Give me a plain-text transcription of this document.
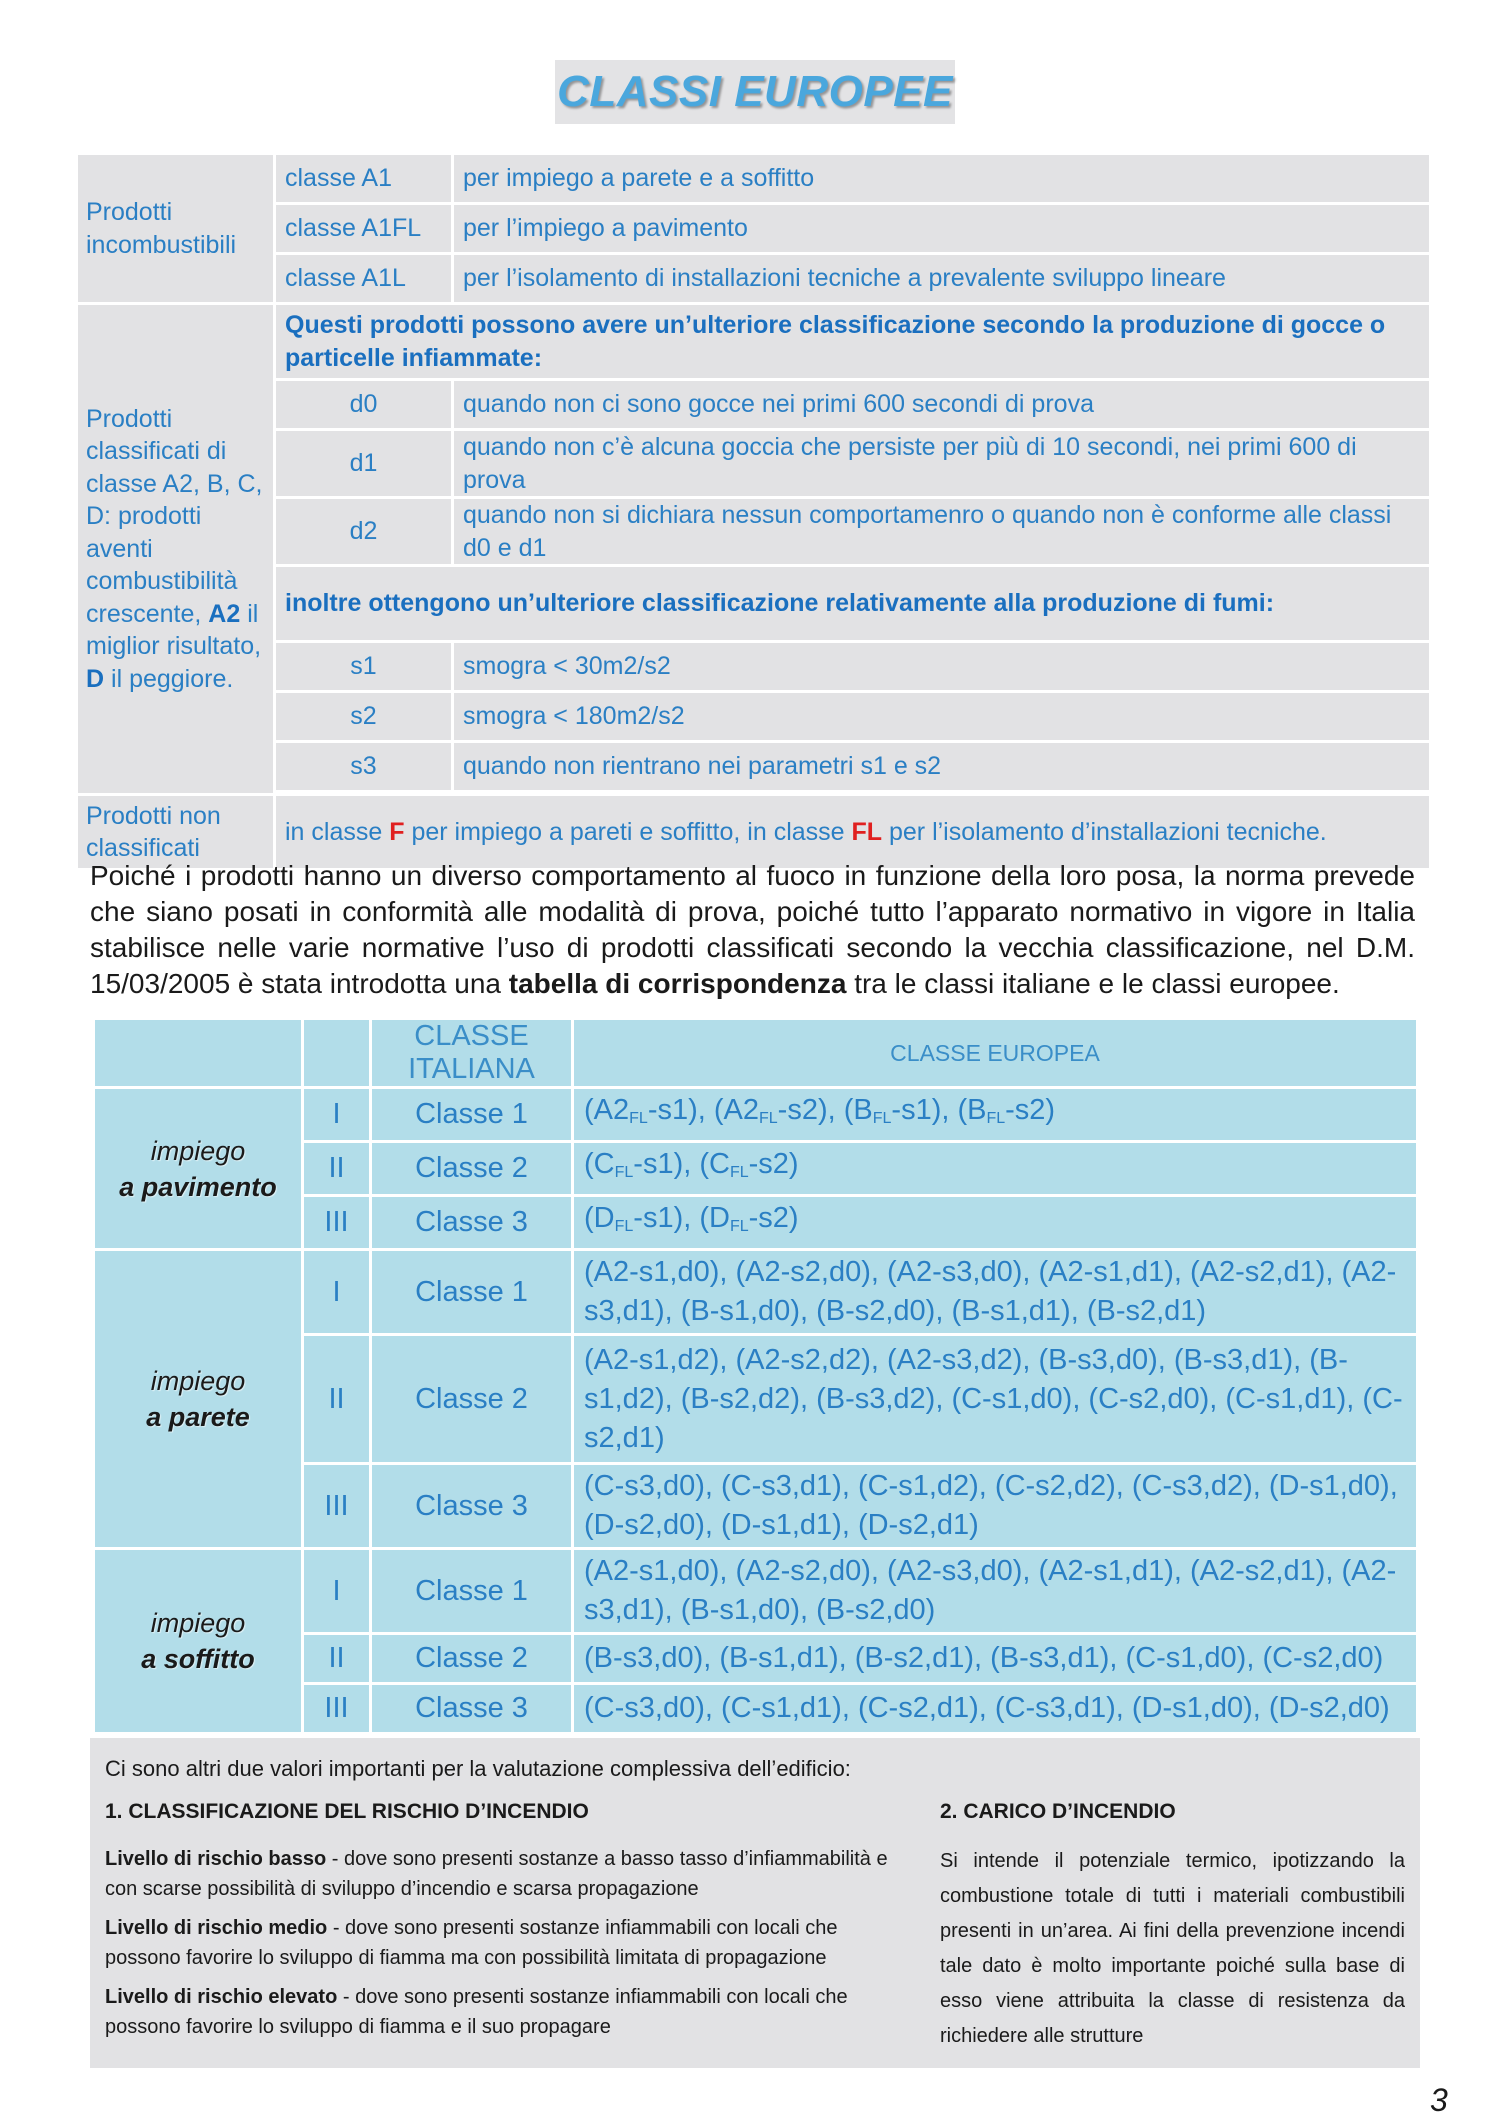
CLASSI EUROPEE
Prodotti incombustibili	classe A1	per impiego a parete e a soffitto
	classe A1FL	per l’impiego a pavimento
	classe A1L	per l’isolamento di installazioni tecniche a prevalente sviluppo lineare
Prodotti classificati di classe A2, B, C, D: prodotti aventi combustibilità crescente, A2 il miglior risultato, D il peggiore.	Questi prodotti possono avere un’ulteriore classificazione secondo la produzione di gocce o particelle infiammate:	
	d0	quando non ci sono gocce nei primi 600 secondi di prova
	d1	quando non c’è alcuna goccia che persiste per più di 10 secondi, nei primi 600 di prova
	d2	quando non si dichiara nessun comportamenro o quando non è conforme alle classi d0 e d1
	inoltre ottengono un’ulteriore classificazione relativamente alla produzione di fumi:	
	s1	smogra < 30m2/s2
	s2	smogra < 180m2/s2
	s3	quando non rientrano nei parametri s1 e s2

Prodotti non classificati	in classe F per impiego a pareti e soffitto, in classe FL per l’isolamento d’installazioni tecniche.	

Poiché i prodotti hanno un diverso comportamento al fuoco in funzione della loro posa, la norma prevede che siano posati in conformità alle modalità di prova, poiché tutto l’apparato normativo in vigore in Italia stabilisce nelle varie normative l’uso di prodotti classificati secondo la vecchia classificazione, nel D.M. 15/03/2005 è stata introdotta una tabella di corrispondenza tra le classi italiane e le classi europee.

		CLASSE ITALIANA	CLASSE EUROPEA

impiego
a pavimento	I	Classe 1	$(A2_{FL}-s1)$, $(A2_{FL}-s2)$, $(B_{FL}-s1)$, $(B_{FL}-s2)$
	II	Classe 2	$(C_{FL}-s1)$, $(C_{FL}-s2)$
	III	Classe 3	$(D_{FL}-s1)$, $(D_{FL}-s2)$

impiego
a parete	I	Classe 1	(A2-s1,d0), (A2-s2,d0), (A2-s3,d0), (A2-s1,d1), (A2-s2,d1), (A2-s3,d1), (B-s1,d0), (B-s2,d0), (B-s1,d1), (B-s2,d1)
	II	Classe 2	(A2-s1,d2), (A2-s2,d2), (A2-s3,d2), (B-s3,d0), (B-s3,d1), (B-s1,d2), (B-s2,d2), (B-s3,d2), (C-s1,d0), (C-s2,d0), (C-s1,d1), (C-s2,d1)
	III	Classe 3	(C-s3,d0), (C-s3,d1), (C-s1,d2), (C-s2,d2), (C-s3,d2), (D-s1,d0), (D-s2,d0), (D-s1,d1), (D-s2,d1)

impiego
a soffitto	I	Classe 1	(A2-s1,d0), (A2-s2,d0), (A2-s3,d0), (A2-s1,d1), (A2-s2,d1), (A2-s3,d1), (B-s1,d0), (B-s2,d0)
	II	Classe 2	(B-s3,d0), (B-s1,d1), (B-s2,d1), (B-s3,d1), (C-s1,d0), (C-s2,d0)
	III	Classe 3	(C-s3,d0), (C-s1,d1), (C-s2,d1), (C-s3,d1), (D-s1,d0), (D-s2,d0)

Ci sono altri due valori importanti per la valutazione complessiva dell’edificio:

1. CLASSIFICAZIONE DEL RISCHIO D’INCENDIO

Livello di rischio basso - dove sono presenti sostanze a basso tasso d’infiammabilità e con scarse possibilità di sviluppo d’incendio e scarsa propagazione

Livello di rischio medio - dove sono presenti sostanze infiammabili con locali che possono favorire lo sviluppo di fiamma ma con possibilità limitata di propagazione

Livello di rischio elevato - dove sono presenti sostanze infiammabili con locali che possono favorire lo sviluppo di fiamma e il suo propagare

2. CARICO D’INCENDIO

Si intende il potenziale termico, ipotizzando la combustione totale di tutti i materiali combustibili presenti in un’area. Ai fini della prevenzione incendi tale dato è molto importante poiché sulla base di esso viene attribuita la classe di resistenza da richiedere alle strutture

3
